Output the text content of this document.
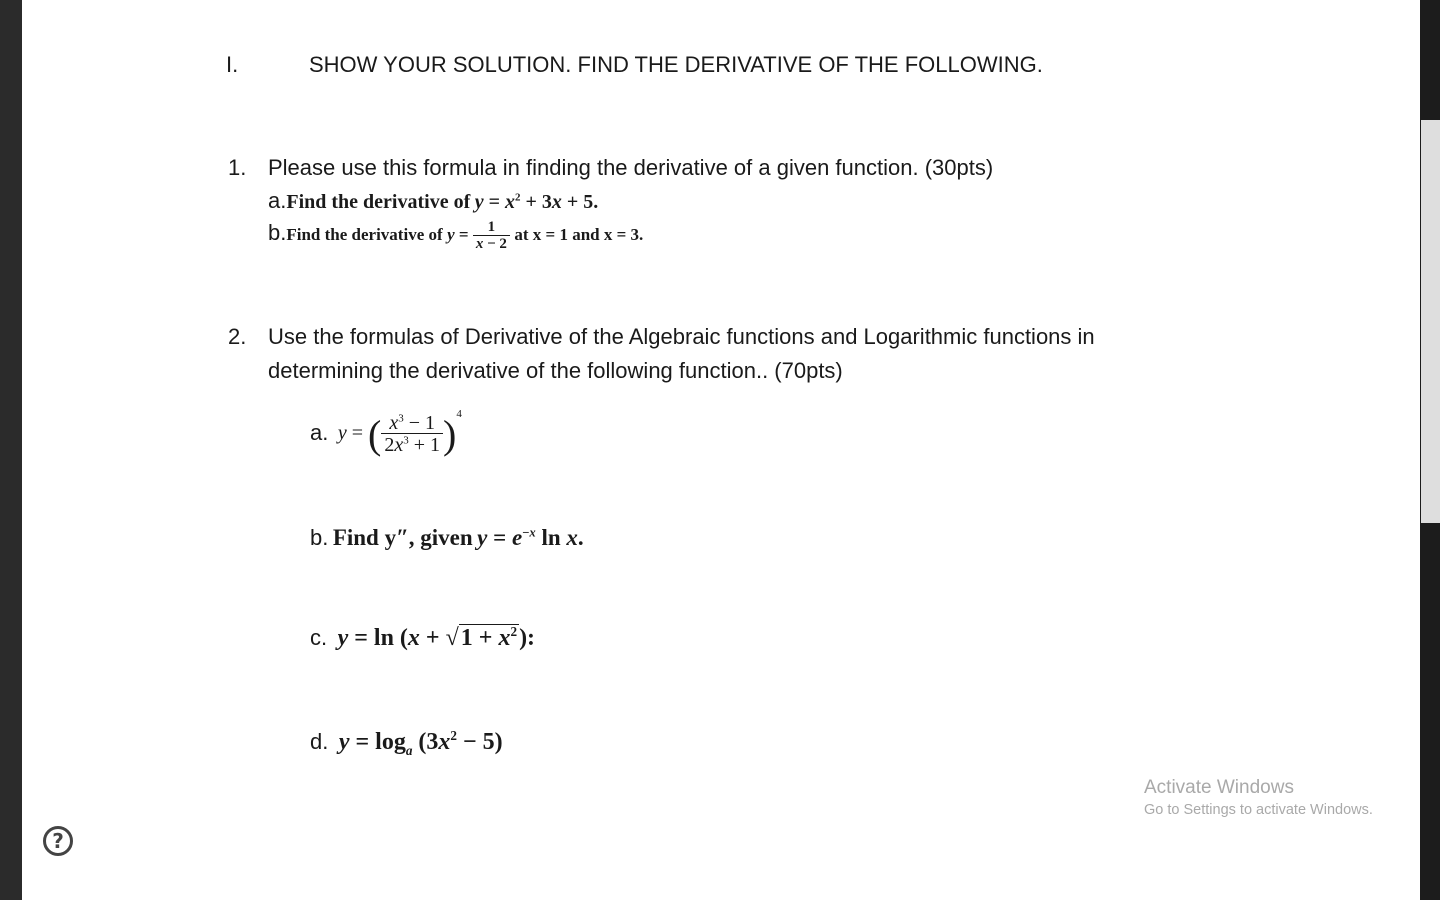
I.	SHOW YOUR SOLUTION. FIND THE DERIVATIVE OF THE FOLLOWING.
1. Please use this formula in finding the derivative of a given function. (30pts)
a.Find the derivative of $y = x^2 + 3x + 5$.
b.Find the derivative of $y = \frac{1}{x - 2}$ at x = 1 and x = 3.
2. Use the formulas of Derivative of the Algebraic functions and Logarithmic functions in
determining the derivative of the following function.. (70pts)
a. y = ( $\frac{x^3 - 1}{2x^3 + 1} )^4$
b. Find y″, given $y = e^{-x}$ ln x.
c. $y = \ln (x + √1 + x^2)$:
d. $y = \log_a (3x^2 - 5)$
?
Activate Windows
Go to Settings to activate Windows.
